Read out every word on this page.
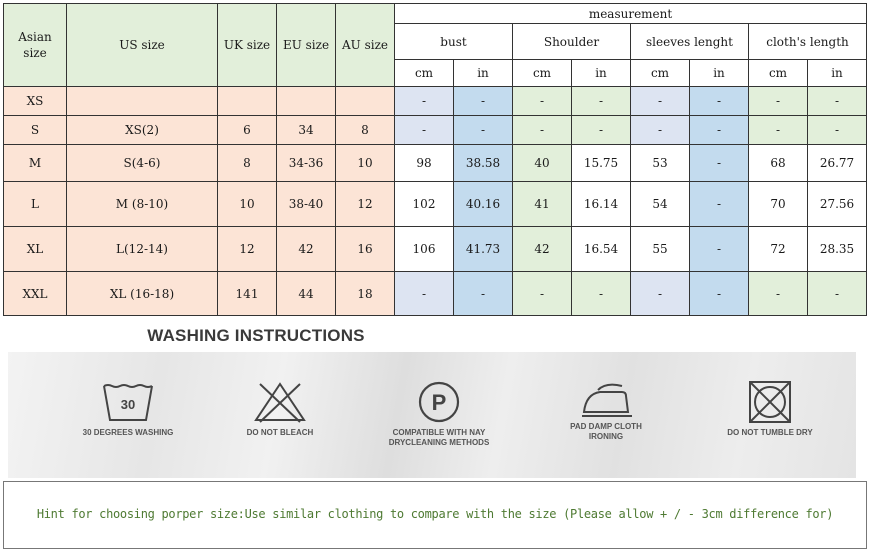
Asian size	US size	UK size	EU size	AU size	measurement							
					bust		Shoulder		sleeves lenght		cloth's length	
					cm	in	cm	in	cm	in	cm	in
XS					-	-	-	-	-	-	-	-
S	XS(2)	6	34	8	-	-	-	-	-	-	-	-
M	S(4-6)	8	34-36	10	98	38.58	40	15.75	53	-	68	26.77
L	M (8-10)	10	38-40	12	102	40.16	41	16.14	54	-	70	27.56
XL	L(12-14)	12	42	16	106	41.73	42	16.54	55	-	72	28.35
XXL	XL (16-18)	141	44	18	-	-	-	-	-	-	-	-
WASHING INSTRUCTIONS
30
30 DEGREES WASHING	DO NOT BLEACH
P
COMPATIBLE WITH NAY
DRYCLEANING METHODS
PAD DAMP CLOTH
IRONING	DO NOT TUMBLE DRY
Hint for choosing porper size:Use similar clothing to compare with the size (Please allow + / - 3cm difference for)
